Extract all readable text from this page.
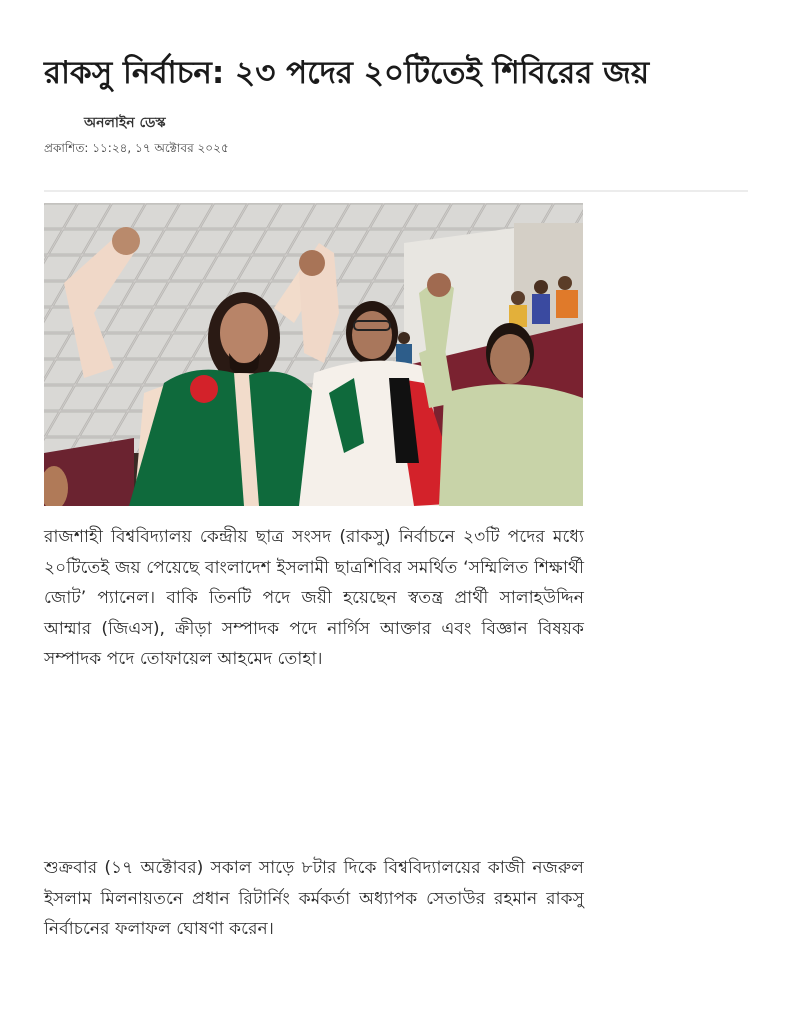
রাকসু নির্বাচন: ২৩ পদের ২০টিতেই শিবিরের জয়
অনলাইন ডেস্ক
প্রকাশিত: ১১:২৪, ১৭ অক্টোবর ২০২৫

রাজশাহী বিশ্ববিদ্যালয় কেন্দ্রীয় ছাত্র সংসদ (রাকসু) নির্বাচনে ২৩টি পদের মধ্যে ২০টিতেই জয় পেয়েছে বাংলাদেশ ইসলামী ছাত্রশিবির সমর্থিত ‘সম্মিলিত শিক্ষার্থী জোট’ প্যানেল। বাকি তিনটি পদে জয়ী হয়েছেন স্বতন্ত্র প্রার্থী সালাহউদ্দিন আম্মার (জিএস), ক্রীড়া সম্পাদক পদে নার্গিস আক্তার এবং বিজ্ঞান বিষয়ক সম্পাদক পদে তোফায়েল আহমেদ তোহা।

শুক্রবার (১৭ অক্টোবর) সকাল সাড়ে ৮টার দিকে বিশ্ববিদ্যালয়ের কাজী নজরুল ইসলাম মিলনায়তনে প্রধান রিটার্নিং কর্মকর্তা অধ্যাপক সেতাউর রহমান রাকসু নির্বাচনের ফলাফল ঘোষণা করেন।
